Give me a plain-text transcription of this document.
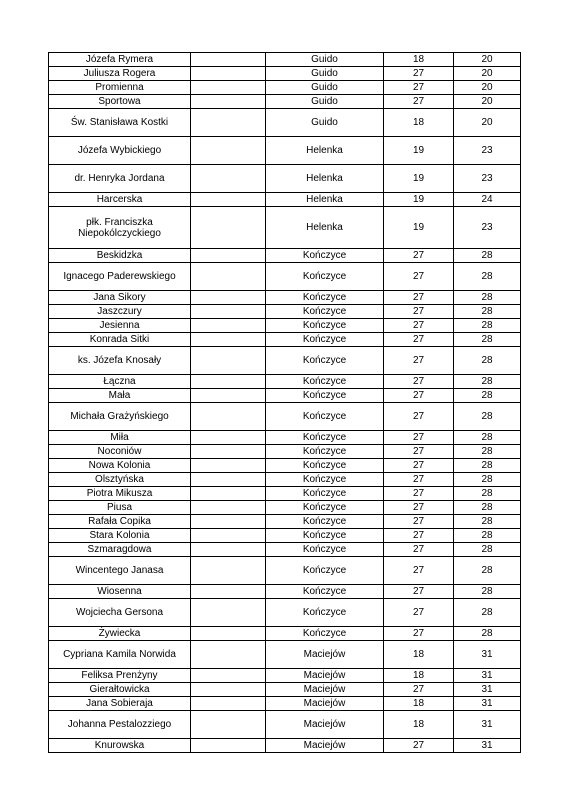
Józefa Rymera		Guido	18	20
Juliusza Rogera		Guido	27	20
Promienna		Guido	27	20
Sportowa		Guido	27	20
Św. Stanisława Kostki		Guido	18	20
Józefa Wybickiego		Helenka	19	23
dr. Henryka Jordana		Helenka	19	23
Harcerska		Helenka	19	24
płk. Franciszka Niepokólczyckiego		Helenka	19	23
Beskidzka		Kończyce	27	28
Ignacego Paderewskiego		Kończyce	27	28
Jana Sikory		Kończyce	27	28
Jaszczury		Kończyce	27	28
Jesienna		Kończyce	27	28
Konrada Sitki		Kończyce	27	28
ks. Józefa Knosały		Kończyce	27	28
Łączna		Kończyce	27	28
Mała		Kończyce	27	28
Michała Grażyńskiego		Kończyce	27	28
Miła		Kończyce	27	28
Noconiów		Kończyce	27	28
Nowa Kolonia		Kończyce	27	28
Olsztyńska		Kończyce	27	28
Piotra Mikusza		Kończyce	27	28
Piusa		Kończyce	27	28
Rafała Copika		Kończyce	27	28
Stara Kolonia		Kończyce	27	28
Szmaragdowa		Kończyce	27	28
Wincentego Janasa		Kończyce	27	28
Wiosenna		Kończyce	27	28
Wojciecha Gersona		Kończyce	27	28
Żywiecka		Kończyce	27	28
Cypriana Kamila Norwida		Maciejów	18	31
Feliksa Prenżyny		Maciejów	18	31
Gierałtowicka		Maciejów	27	31
Jana Sobieraja		Maciejów	18	31
Johanna Pestalozziego		Maciejów	18	31
Knurowska		Maciejów	27	31
